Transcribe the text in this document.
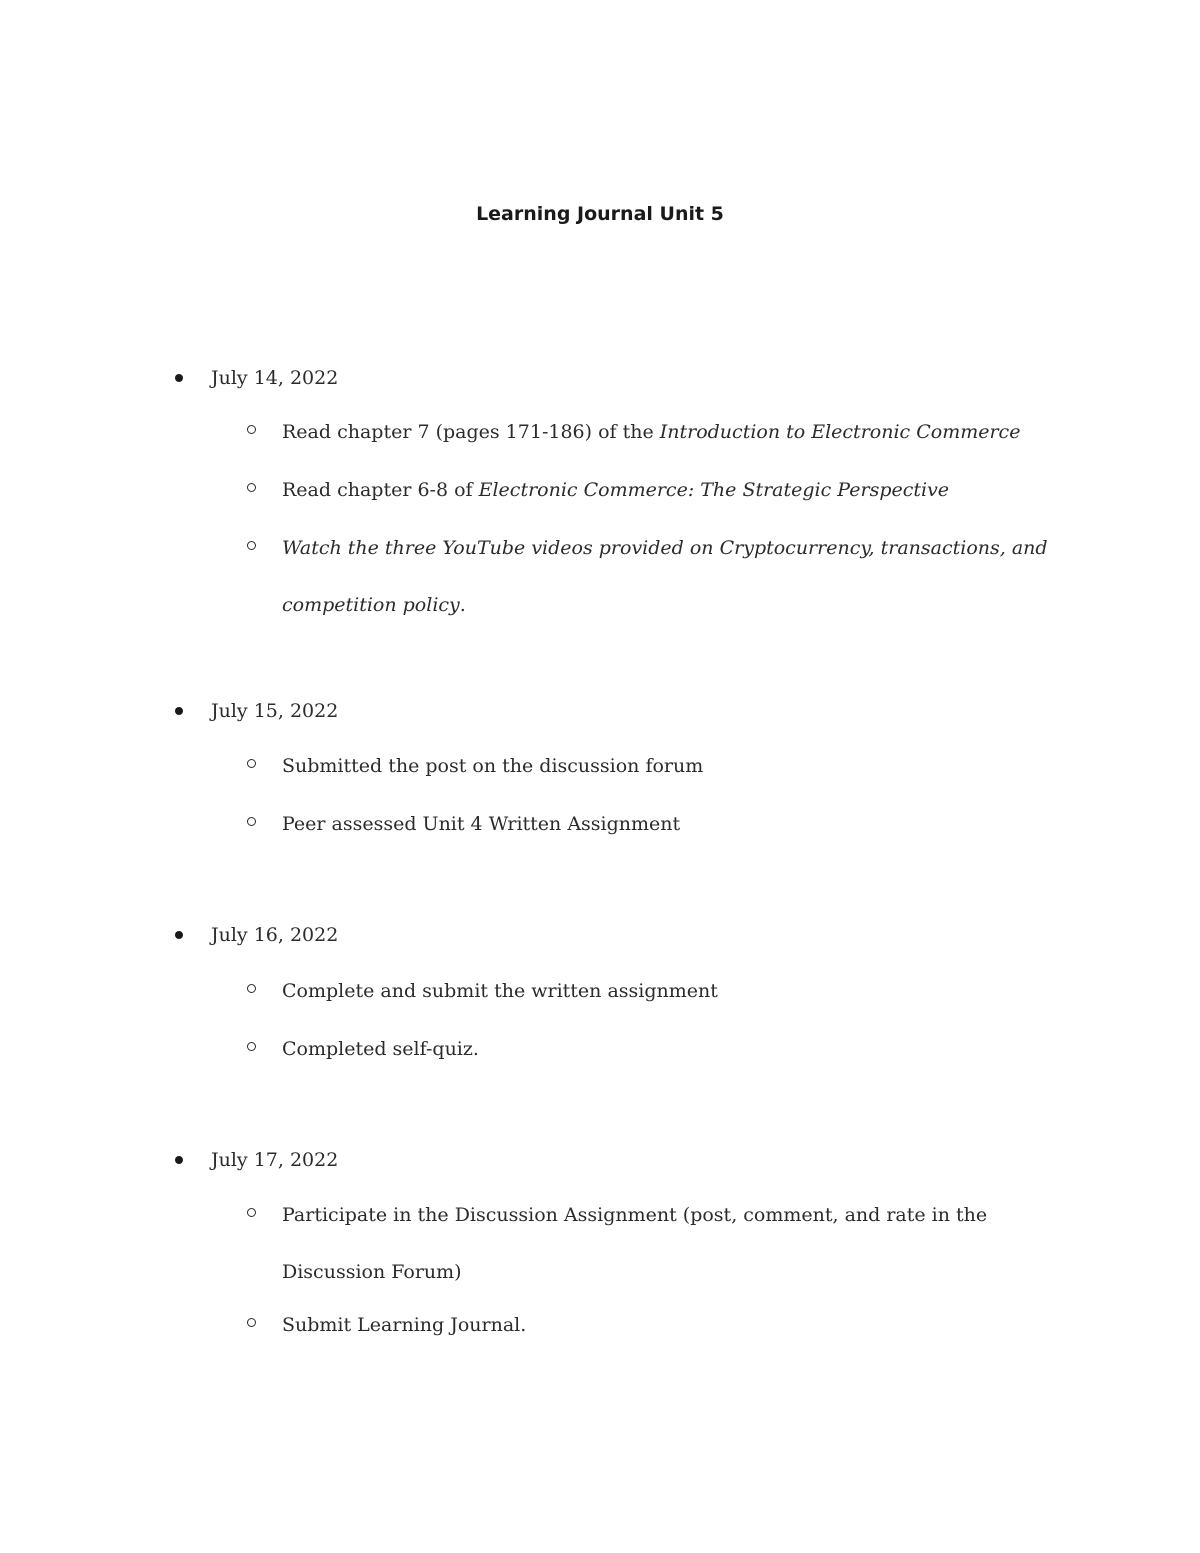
Learning Journal Unit 5
July 14, 2022
Read chapter 7 (pages 171-186) of the Introduction to Electronic Commerce
Read chapter 6-8 of Electronic Commerce: The Strategic Perspective
Watch the three YouTube videos provided on Cryptocurrency, transactions, and competition policy.
July 15, 2022
Submitted the post on the discussion forum
Peer assessed Unit 4 Written Assignment
July 16, 2022
Complete and submit the written assignment
Completed self-quiz.
July 17, 2022
Participate in the Discussion Assignment (post, comment, and rate in the Discussion Forum)
Submit Learning Journal.
